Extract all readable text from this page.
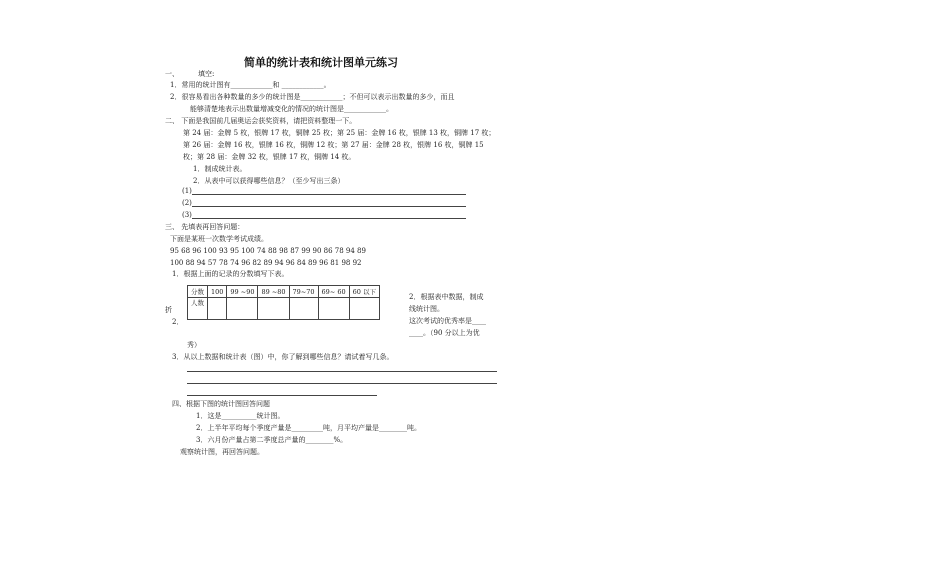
简单的统计表和统计图单元练习
一、	填空:
1．常用的统计图有____________和 ____________。
2．很容易看出各种数量的多少的统计图是____________；不但可以表示出数量的多少，而且
能够清楚地表示出数量增减变化的情况的统计图是____________。
二、 下面是我国前几届奥运会获奖资料，请把资料整理一下。
第 24 届：金牌 5 枚，银牌 17 枚，铜牌 25 枚；第 25 届：金牌 16 枚，银牌 13 枚，铜牌 17 枚；
第 26 届：金牌 16 枚，银牌 16 枚，铜牌 12 枚；第 27 届：金牌 28 枚，银牌 16 枚，铜牌 15
枚；第 28 届：金牌 32 枚，银牌 17 枚，铜牌 14 枚。
1．制成统计表。
2．从表中可以获得哪些信息？（至少写出三条）
(1)
(2)
(3)
三、 先填表再回答问题：
下面是某班一次数学考试成绩。
95 68 96 100 93 95 100 74 88 98 87 99 90 86 78 94 89
100 88 94 57 78 74 96 82 89 94 96 84 89 96 81 98 92
1．根据上面的记录的分数填写下表。
折
2．
分数	100	99 ~90	89 ~80	79~70	69~ 60	60 以下
人数						
2．根据表中数据，制成
线统计图。
这次考试的优秀率是____
____。（90 分以上为优
秀）
3．从以上数据和统计表（图）中，你了解到哪些信息？请试着写几条。
四、根据下图的统计图回答问题
1．这是__________统计图。
2．上半年平均每个季度产量是_________吨，月平均产量是________吨。
3．六月份产量占第二季度总产量的________%。
观察统计图，再回答问题。
